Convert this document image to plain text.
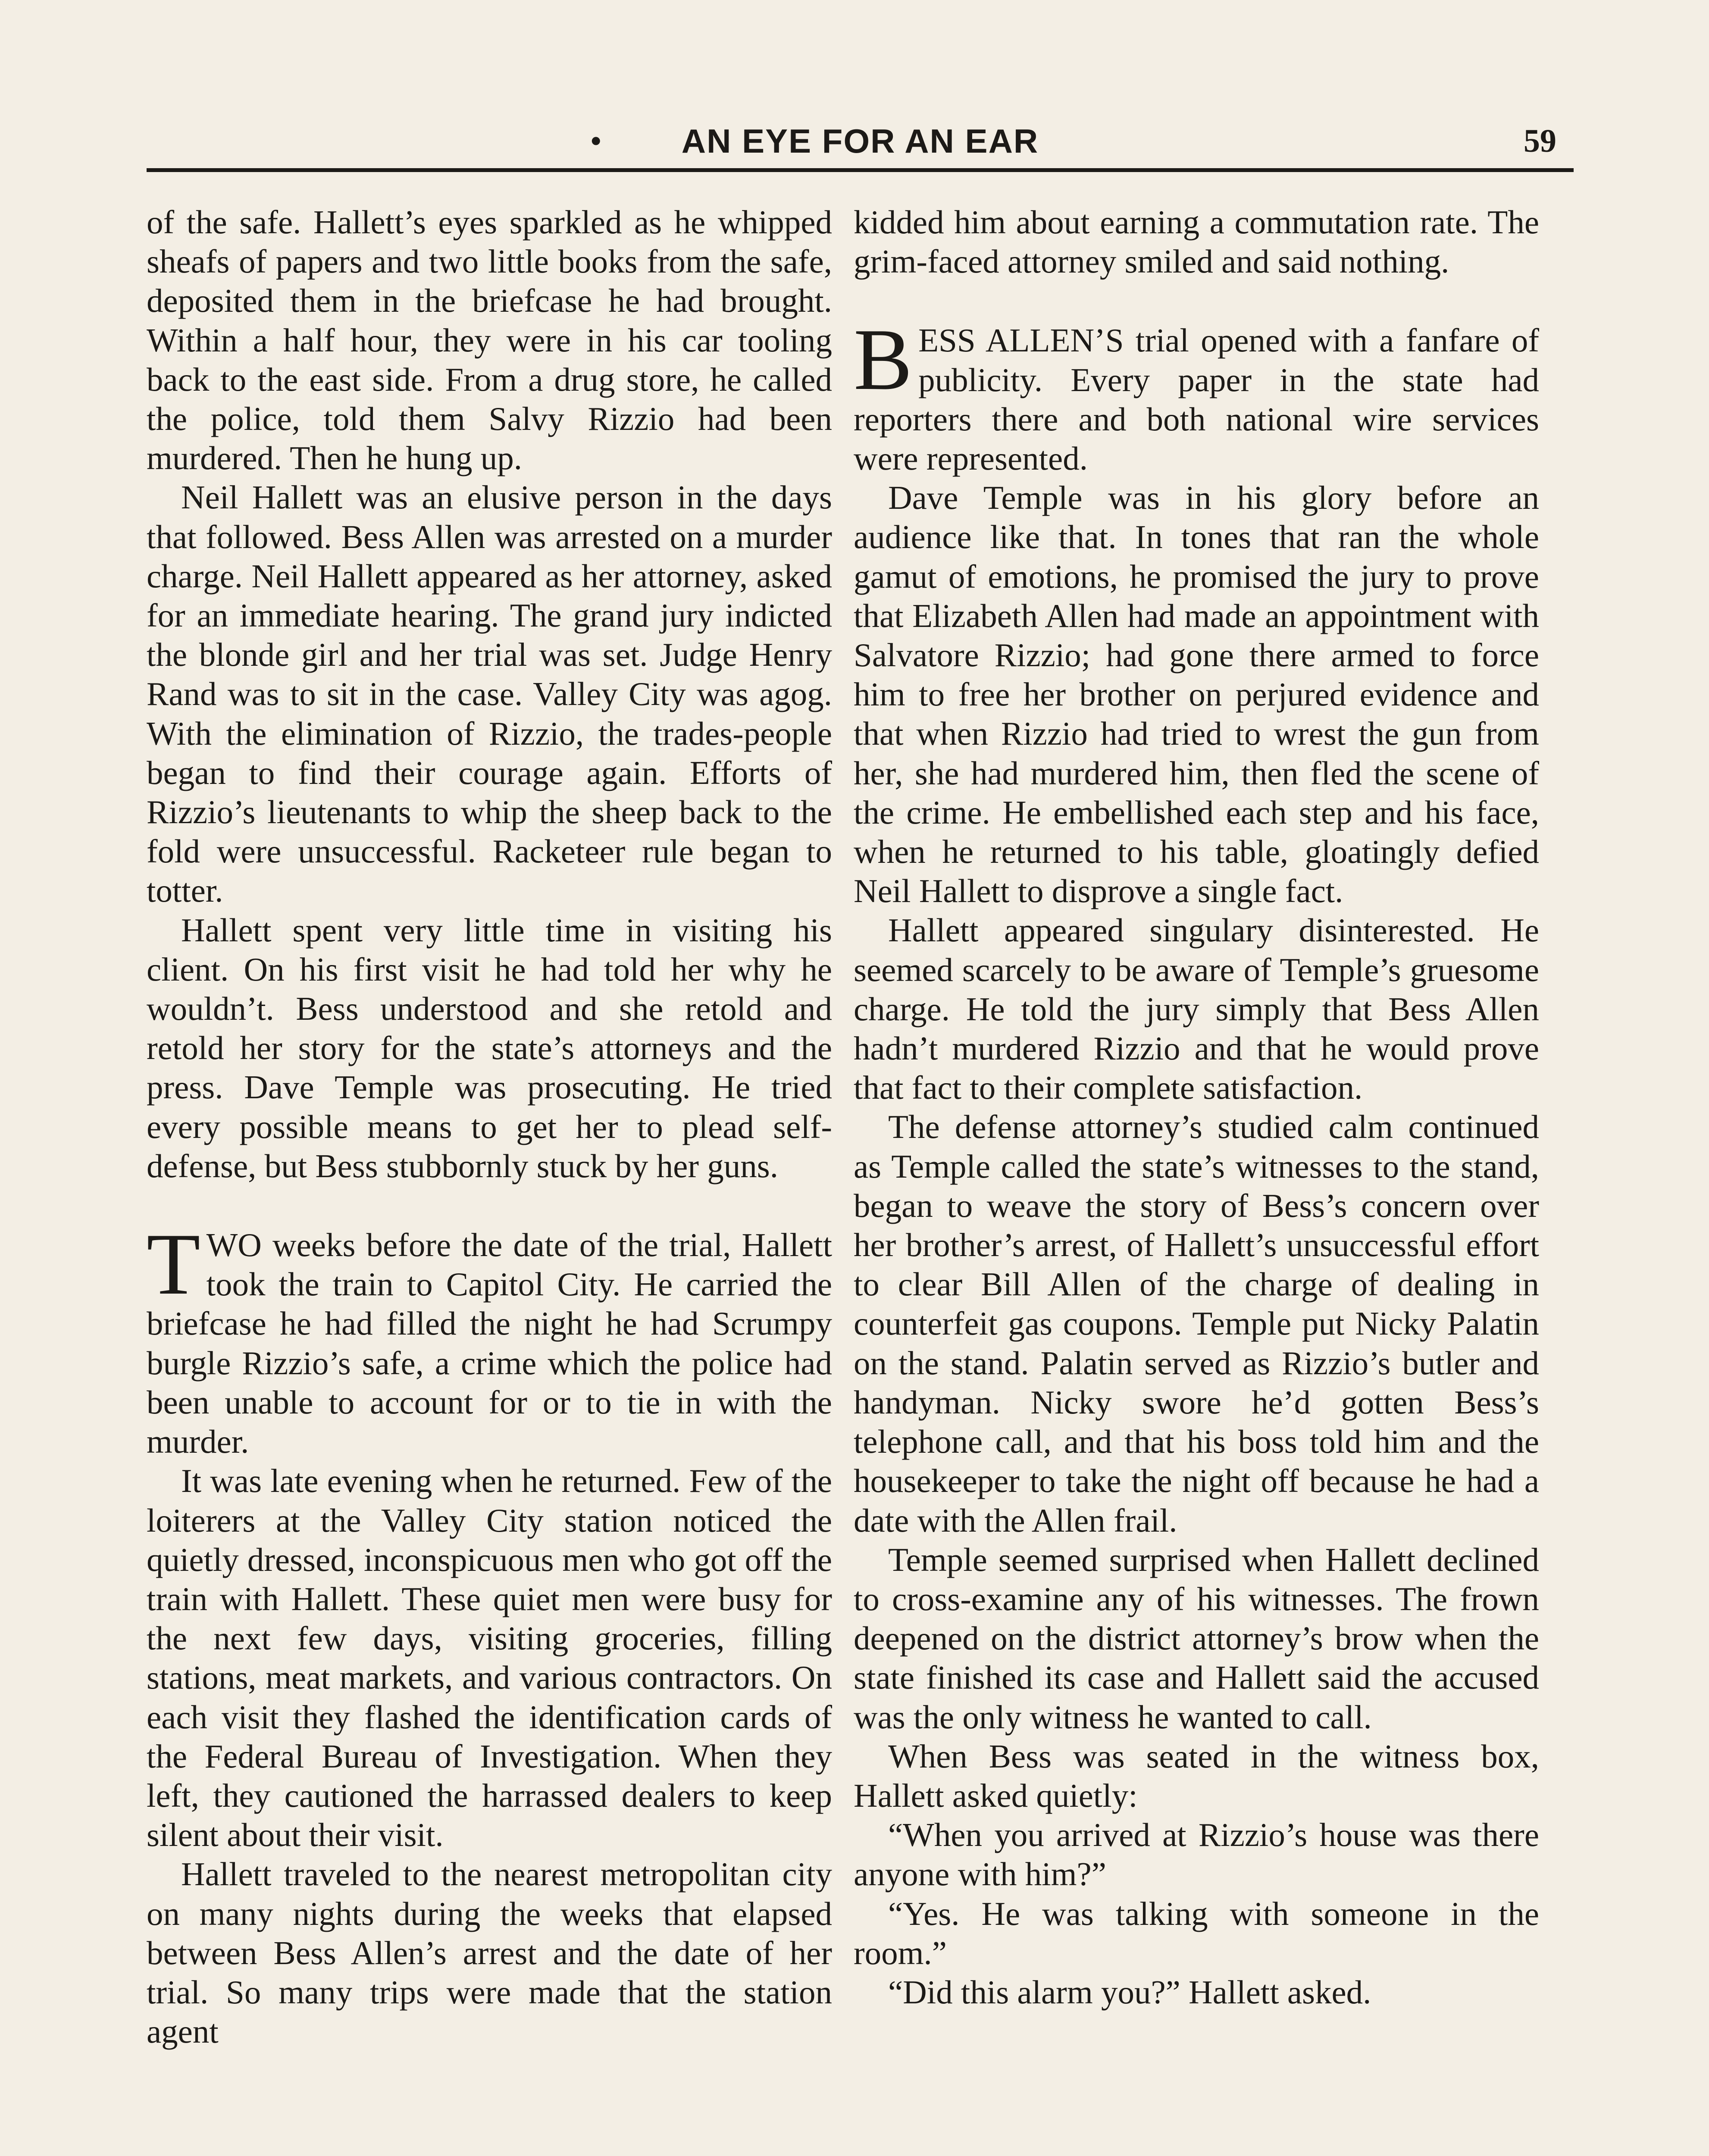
•	AN EYE FOR AN EAR	59

of the safe. Hallett’s eyes sparkled as he whipped sheafs of papers and two little books from the safe, deposited them in the briefcase he had brought. Within a half hour, they were in his car tooling back to the east side. From a drug store, he called the police, told them Salvy Rizzio had been murdered. Then he hung up.

Neil Hallett was an elusive person in the days that followed. Bess Allen was arrested on a murder charge. Neil Hallett appeared as her attorney, asked for an immediate hearing. The grand jury indicted the blonde girl and her trial was set. Judge Henry Rand was to sit in the case. Valley City was agog. With the elimination of Rizzio, the trades-people began to find their courage again. Efforts of Rizzio’s lieutenants to whip the sheep back to the fold were unsuccessful. Racketeer rule began to totter.

Hallett spent very little time in visiting his client. On his first visit he had told her why he wouldn’t. Bess understood and she retold and retold her story for the state’s attorneys and the press. Dave Temple was prosecuting. He tried every possible means to get her to plead self-defense, but Bess stubbornly stuck by her guns.

TWO weeks before the date of the trial, Hallett took the train to Capitol City. He carried the briefcase he had filled the night he had Scrumpy burgle Rizzio’s safe, a crime which the police had been unable to account for or to tie in with the murder.

It was late evening when he returned. Few of the loiterers at the Valley City station noticed the quietly dressed, inconspicuous men who got off the train with Hallett. These quiet men were busy for the next few days, visiting groceries, filling stations, meat markets, and various contractors. On each visit they flashed the identification cards of the Federal Bureau of Investigation. When they left, they cautioned the harrassed dealers to keep silent about their visit.

Hallett traveled to the nearest metropolitan city on many nights during the weeks that elapsed between Bess Allen’s arrest and the date of her trial. So many trips were made that the station agent

kidded him about earning a commutation rate. The grim-faced attorney smiled and said nothing.

BESS ALLEN’S trial opened with a fanfare of publicity. Every paper in the state had reporters there and both national wire services were represented.

Dave Temple was in his glory before an audience like that. In tones that ran the whole gamut of emotions, he promised the jury to prove that Elizabeth Allen had made an appointment with Salvatore Rizzio; had gone there armed to force him to free her brother on perjured evidence and that when Rizzio had tried to wrest the gun from her, she had murdered him, then fled the scene of the crime. He embellished each step and his face, when he returned to his table, gloatingly defied Neil Hallett to disprove a single fact.

Hallett appeared singulary disinterested. He seemed scarcely to be aware of Temple’s gruesome charge. He told the jury simply that Bess Allen hadn’t murdered Rizzio and that he would prove that fact to their complete satisfaction.

The defense attorney’s studied calm continued as Temple called the state’s witnesses to the stand, began to weave the story of Bess’s concern over her brother’s arrest, of Hallett’s unsuccessful effort to clear Bill Allen of the charge of dealing in counterfeit gas coupons. Temple put Nicky Palatin on the stand. Palatin served as Rizzio’s butler and handyman. Nicky swore he’d gotten Bess’s telephone call, and that his boss told him and the housekeeper to take the night off because he had a date with the Allen frail.

Temple seemed surprised when Hallett declined to cross-examine any of his witnesses. The frown deepened on the district attorney’s brow when the state finished its case and Hallett said the accused was the only witness he wanted to call.

When Bess was seated in the witness box, Hallett asked quietly:

“When you arrived at Rizzio’s house was there anyone with him?”

“Yes. He was talking with someone in the room.”

“Did this alarm you?” Hallett asked.
